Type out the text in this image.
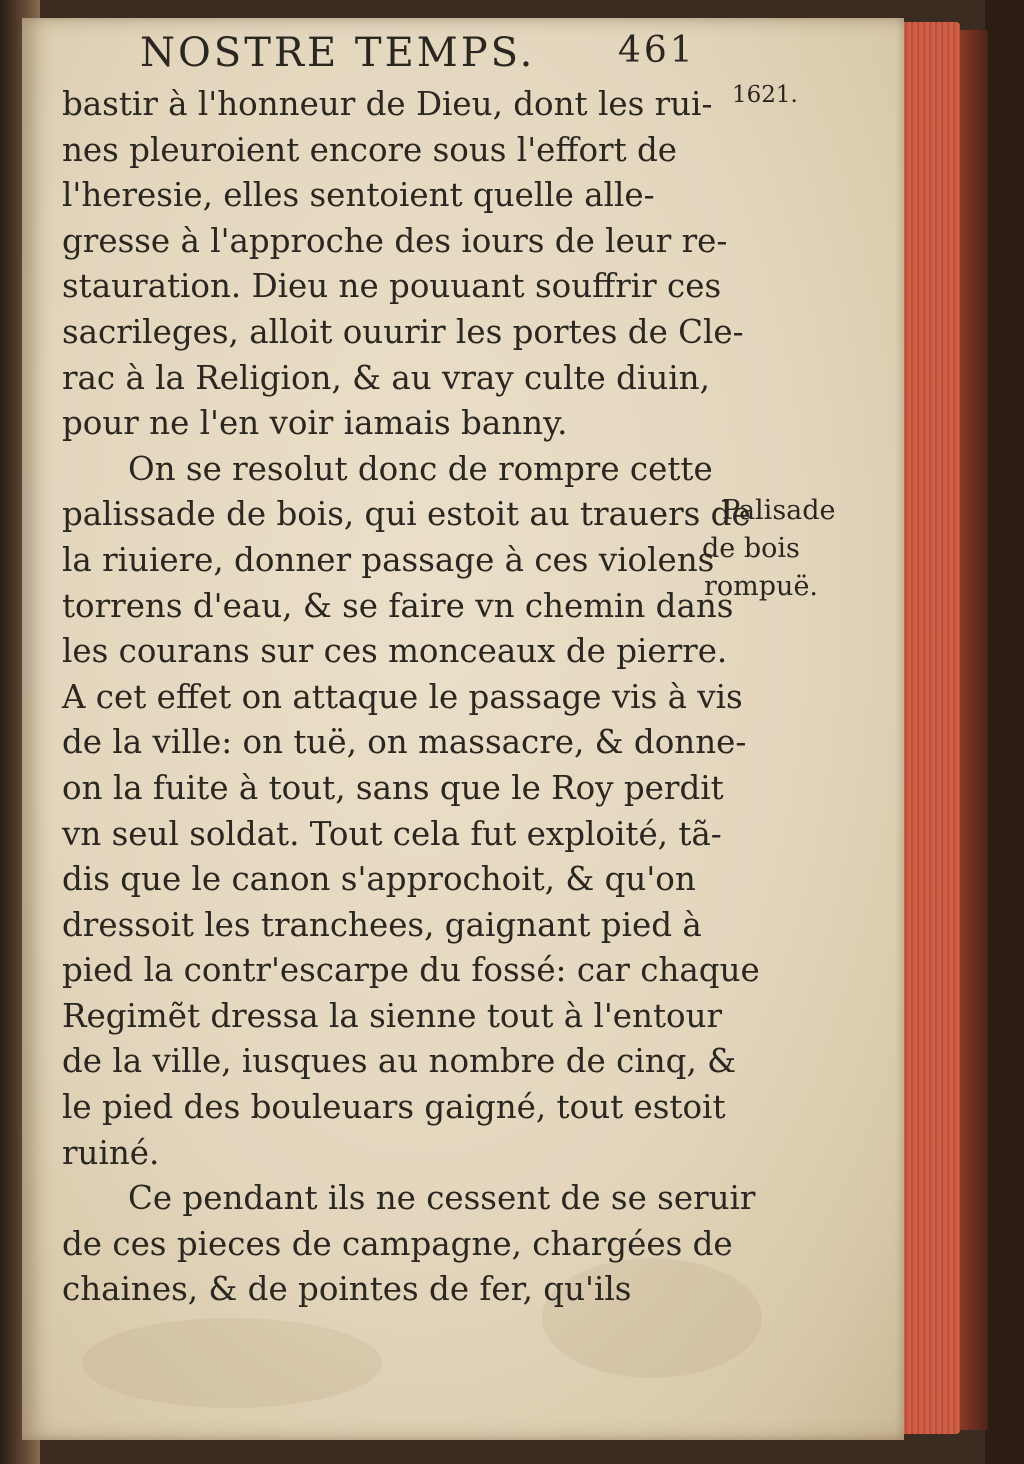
NOSTRE TEMPS. 461
1621.
Palisade
de bois
rompuë.
bastir à l'honneur de Dieu, dont les rui-
nes pleuroient encore sous l'effort de
l'heresie, elles sentoient quelle alle-
gresse à l'approche des iours de leur re-
stauration. Dieu ne pouuant souffrir ces
sacrileges, alloit ouurir les portes de Cle-
rac à la Religion, & au vray culte diuin,
pour ne l'en voir iamais banny.
On se resolut donc de rompre cette
palissade de bois, qui estoit au trauers de
la riuiere, donner passage à ces violens
torrens d'eau, & se faire vn chemin dans
les courans sur ces monceaux de pierre.
A cet effet on attaque le passage vis à vis
de la ville: on tuë, on massacre, & donne-
on la fuite à tout, sans que le Roy perdit
vn seul soldat. Tout cela fut exploité, tã-
dis que le canon s'approchoit, & qu'on
dressoit les tranchees, gaignant pied à
pied la contr'escarpe du fossé: car chaque
Regimẽt dressa la sienne tout à l'entour
de la ville, iusques au nombre de cinq, &
le pied des bouleuars gaigné, tout estoit
ruiné.
Ce pendant ils ne cessent de se seruir
de ces pieces de campagne, chargées de
chaines, & de pointes de fer, qu'ils
